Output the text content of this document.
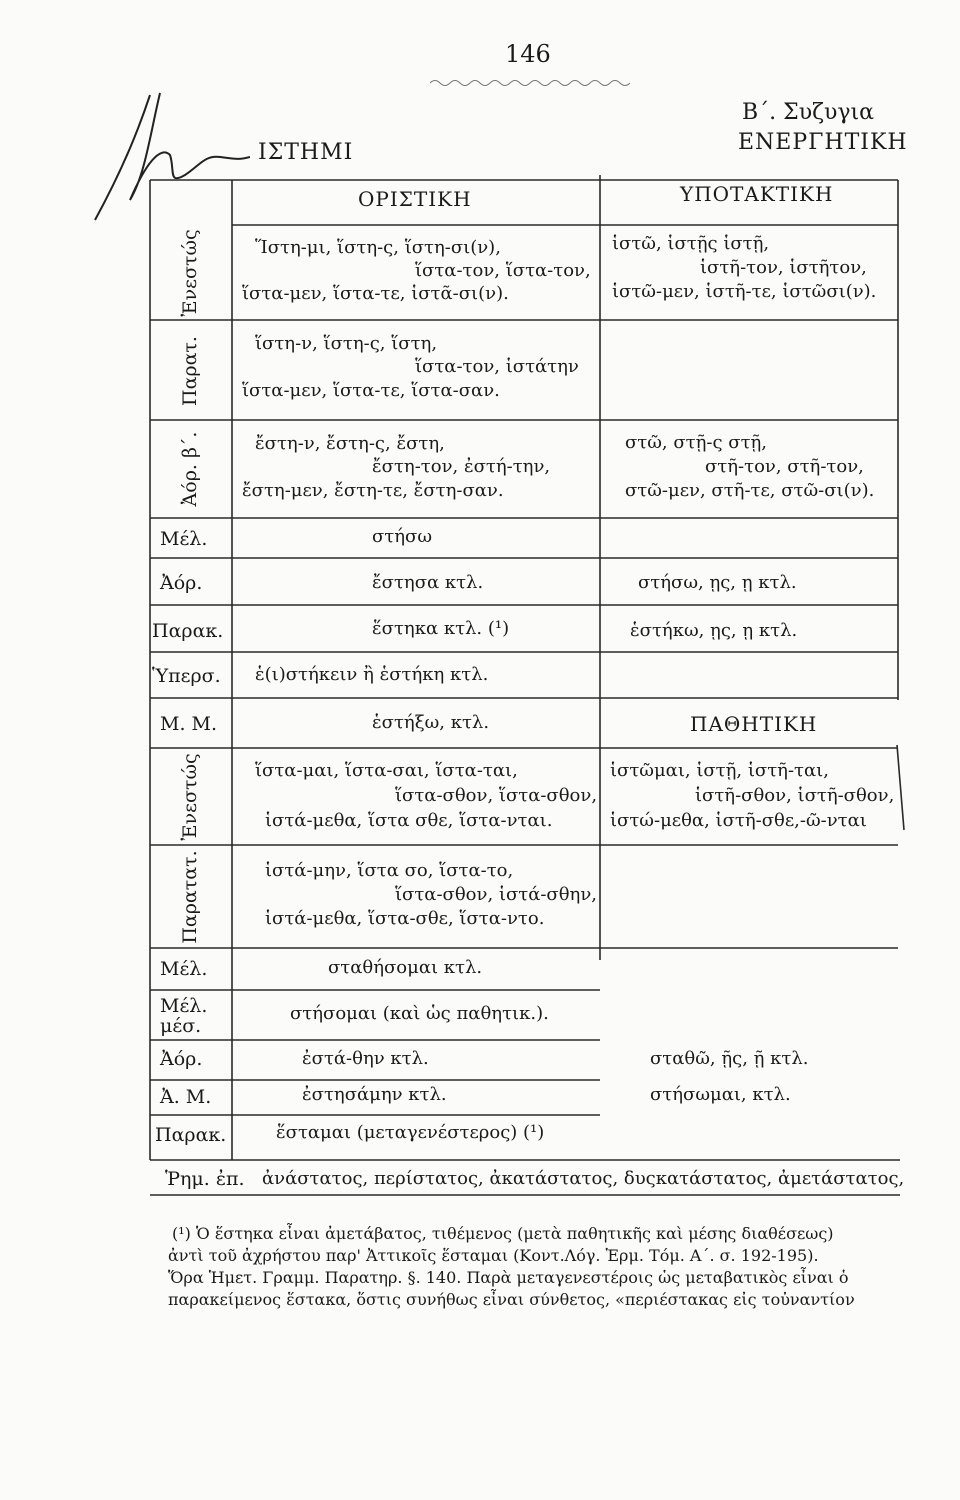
146
ΙΣΤΗΜΙ
Β΄. Συζυγια
ΕΝΕΡΓΗΤΙΚΗ
ΟΡΙΣΤΙΚΗ	ΥΠΟΤΑΚΤΙΚΗ
ΠΑΘΗΤΙΚΗ
Ἐνεστώς
Παρατ.
Ἀόρ. β΄.
Ἐνεστώς
Παρατατ.
Μέλ.
Ἀόρ.
Παρακ.
Ὑπερσ.
Μ. Μ.
Μέλ.
Μέλ.
μέσ.
Ἀόρ.
Ἀ. Μ.
Παρακ.
Ἵστη-μι, ἵστη-ς, ἵστη-σι(ν),
ἵστα-τον, ἵστα-τον,
ἵστα-μεν, ἵστα-τε, ἱστᾶ-σι(ν).
ἵστη-ν, ἵστη-ς, ἵστη,
ἵστα-τον, ἱστάτην
ἵστα-μεν, ἵστα-τε, ἵστα-σαν.
ἔστη-ν, ἔστη-ς, ἔστη,
ἔστη-τον, ἐστή-την,
ἔστη-μεν, ἔστη-τε, ἔστη-σαν.
στήσω
ἔστησα κτλ.
ἕστηκα κτλ. (¹)
ἑ(ι)στήκειν ἢ ἑστήκη κτλ.
ἑστήξω, κτλ.
ἵστα-μαι, ἵστα-σαι, ἵστα-ται,
ἵστα-σθον, ἵστα-σθον,
ἱστά-μεθα, ἵστα σθε, ἵστα-νται.
ἱστά-μην, ἵστα σο, ἵστα-το,
ἵστα-σθον, ἱστά-σθην,
ἱστά-μεθα, ἵστα-σθε, ἵστα-ντο.
σταθήσομαι κτλ.
στήσομαι (καὶ ὡς παθητικ.).
ἐστά-θην κτλ.
ἐστησάμην κτλ.
ἕσταμαι (μεταγενέστερος) (¹)
ἱστῶ, ἱστῇς ἱστῇ,
ἱστῆ-τον, ἱστῆτον,
ἱστῶ-μεν, ἱστῆ-τε, ἱστῶσι(ν).
στῶ, στῇ-ς στῇ,
στῆ-τον, στῆ-τον,
στῶ-μεν, στῆ-τε, στῶ-σι(ν).
στήσω, ῃς, ῃ κτλ.
ἑστήκω, ῃς, ῃ κτλ.
ἱστῶμαι, ἱστῇ, ἱστῆ-ται,
ἱστῆ-σθον, ἱστῆ-σθον,
ἱστώ-μεθα, ἱστῆ-σθε,-ῶ-νται
σταθῶ, ῇς, ῇ κτλ.
στήσωμαι, κτλ.
Ῥημ. ἐπ. ἀνάστατος, περίστατος, ἀκατάστατος, δυςκατάστατος, ἀμετάστατος,
(¹) Ὁ ἕστηκα εἶναι ἀμετάβατος, τιθέμενος (μετὰ παθητικῆς καὶ μέσης διαθέσεως)
ἀντὶ τοῦ ἀχρήστου παρ' Ἀττικοῖς ἕσταμαι (Κοντ.Λόγ. Ἑρμ. Τόμ. Α΄. σ. 192-195).
Ὅρα Ἡμετ. Γραμμ. Παρατηρ. §. 140. Παρὰ μεταγενεστέροις ὡς μεταβατικὸς εἶναι ὁ
παρακείμενος ἕστακα, ὅστις συνήθως εἶναι σύνθετος, «περιέστακας εἰς τοὐναντίον
